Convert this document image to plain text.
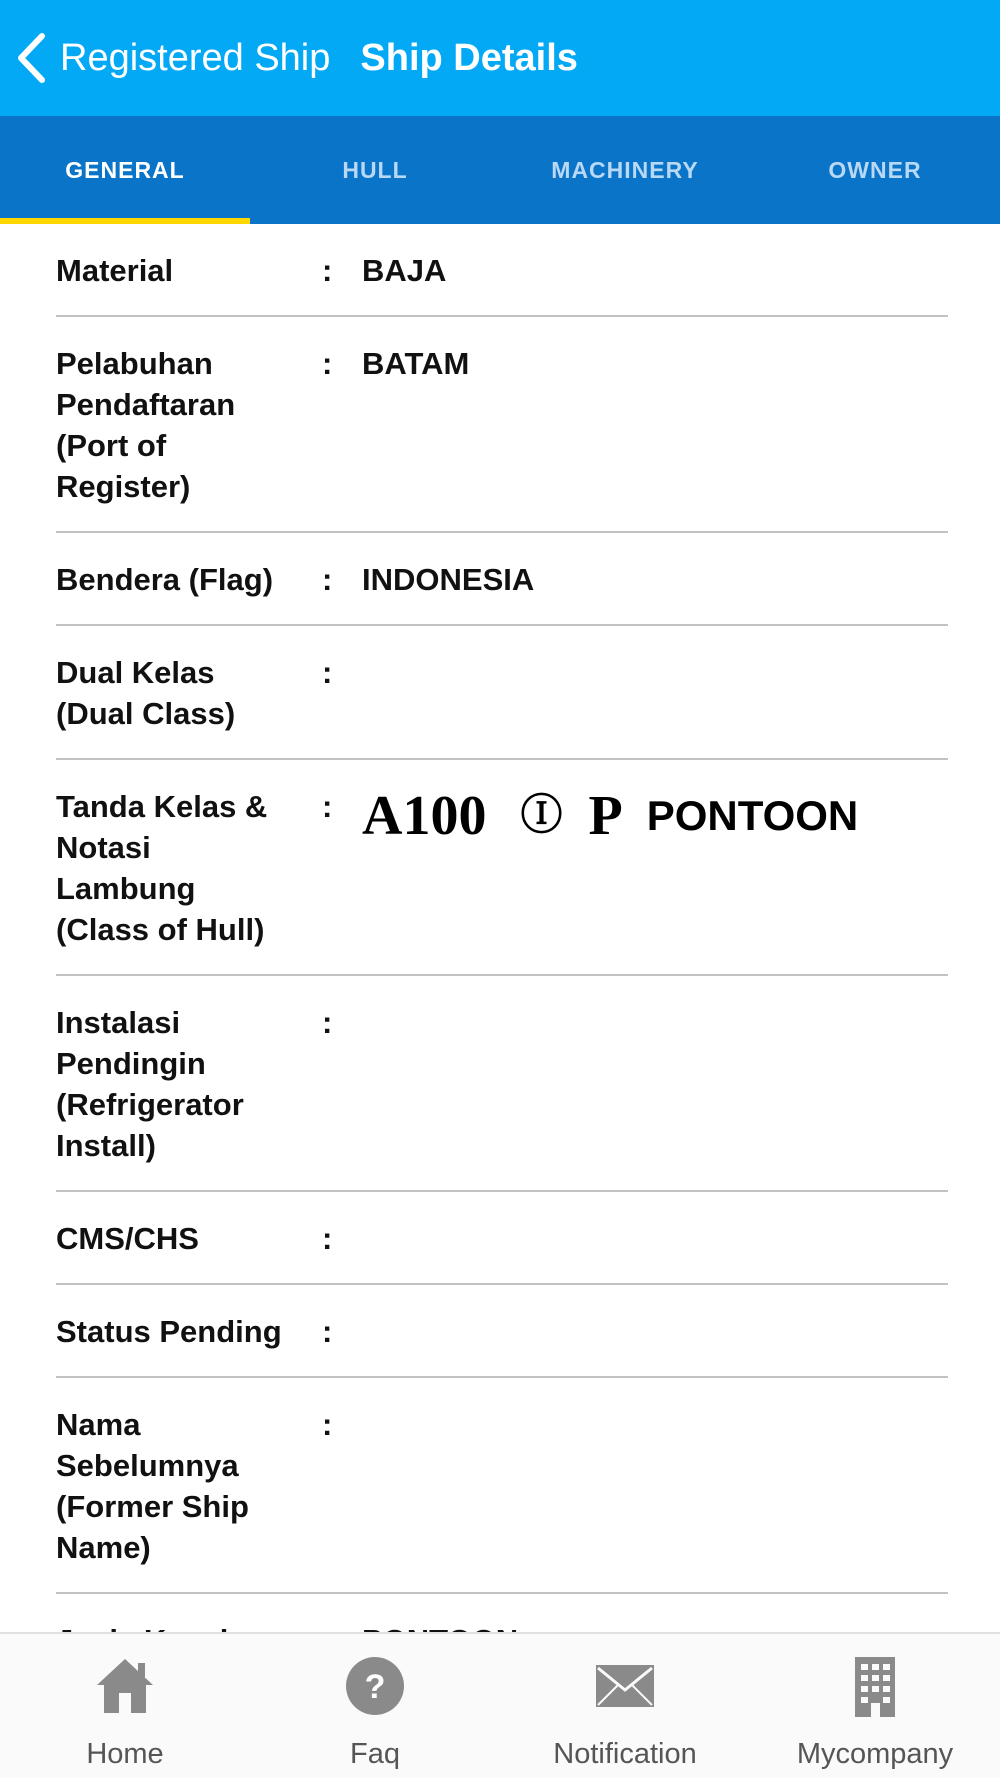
Registered Ship Ship Details
GENERAL	HULL	MACHINERY	OWNER
Material	: BAJA
Pelabuhan
Pendaftaran
(Port of
Register)
: BATAM
Bendera (Flag)	: INDONESIA
Dual Kelas
(Dual Class)
:
Tanda Kelas &
Notasi
Lambung
(Class of Hull)
: A100 Ⓘ P PONTOON
Instalasi
Pendingin
(Refrigerator
Install)
:
CMS/CHS	:
Status Pending	:
Nama
Sebelumnya
(Former Ship
Name)
:
Home
?
Faq	Notification	Mycompany
